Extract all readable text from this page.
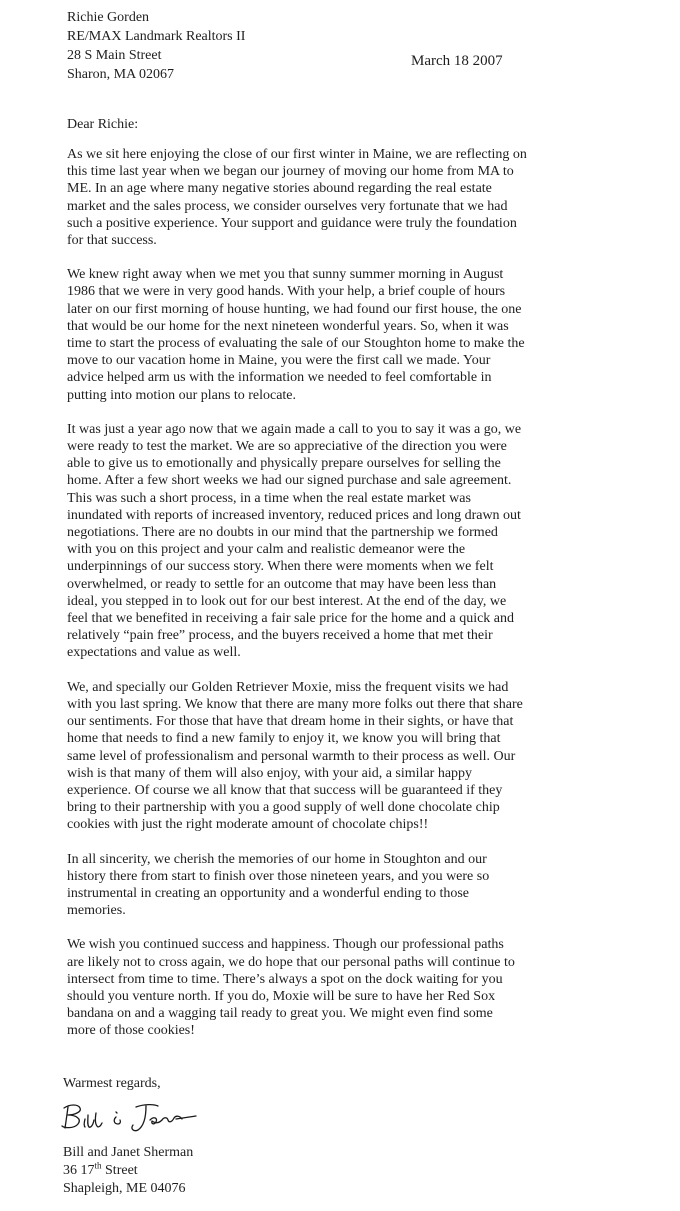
Richie Gorden
RE/MAX Landmark Realtors II
28 S Main Street
Sharon, MA 02067
March 18 2007
Dear Richie:
As we sit here enjoying the close of our first winter in Maine, we are reflecting on
this time last year when we began our journey of moving our home from MA to
ME. In an age where many negative stories abound regarding the real estate
market and the sales process, we consider ourselves very fortunate that we had
such a positive experience. Your support and guidance were truly the foundation
for that success.
We knew right away when we met you that sunny summer morning in August
1986 that we were in very good hands. With your help, a brief couple of hours
later on our first morning of house hunting, we had found our first house, the one
that would be our home for the next nineteen wonderful years. So, when it was
time to start the process of evaluating the sale of our Stoughton home to make the
move to our vacation home in Maine, you were the first call we made. Your
advice helped arm us with the information we needed to feel comfortable in
putting into motion our plans to relocate.
It was just a year ago now that we again made a call to you to say it was a go, we
were ready to test the market. We are so appreciative of the direction you were
able to give us to emotionally and physically prepare ourselves for selling the
home. After a few short weeks we had our signed purchase and sale agreement.
This was such a short process, in a time when the real estate market was
inundated with reports of increased inventory, reduced prices and long drawn out
negotiations. There are no doubts in our mind that the partnership we formed
with you on this project and your calm and realistic demeanor were the
underpinnings of our success story. When there were moments when we felt
overwhelmed, or ready to settle for an outcome that may have been less than
ideal, you stepped in to look out for our best interest. At the end of the day, we
feel that we benefited in receiving a fair sale price for the home and a quick and
relatively “pain free” process, and the buyers received a home that met their
expectations and value as well.
We, and specially our Golden Retriever Moxie, miss the frequent visits we had
with you last spring. We know that there are many more folks out there that share
our sentiments. For those that have that dream home in their sights, or have that
home that needs to find a new family to enjoy it, we know you will bring that
same level of professionalism and personal warmth to their process as well. Our
wish is that many of them will also enjoy, with your aid, a similar happy
experience. Of course we all know that that success will be guaranteed if they
bring to their partnership with you a good supply of well done chocolate chip
cookies with just the right moderate amount of chocolate chips!!
In all sincerity, we cherish the memories of our home in Stoughton and our
history there from start to finish over those nineteen years, and you were so
instrumental in creating an opportunity and a wonderful ending to those
memories.
We wish you continued success and happiness. Though our professional paths
are likely not to cross again, we do hope that our personal paths will continue to
intersect from time to time. There’s always a spot on the dock waiting for you
should you venture north. If you do, Moxie will be sure to have her Red Sox
bandana on and a wagging tail ready to great you. We might even find some
more of those cookies!
Warmest regards,
Bill and Janet Sherman
36 17th Street
Shapleigh, ME 04076
